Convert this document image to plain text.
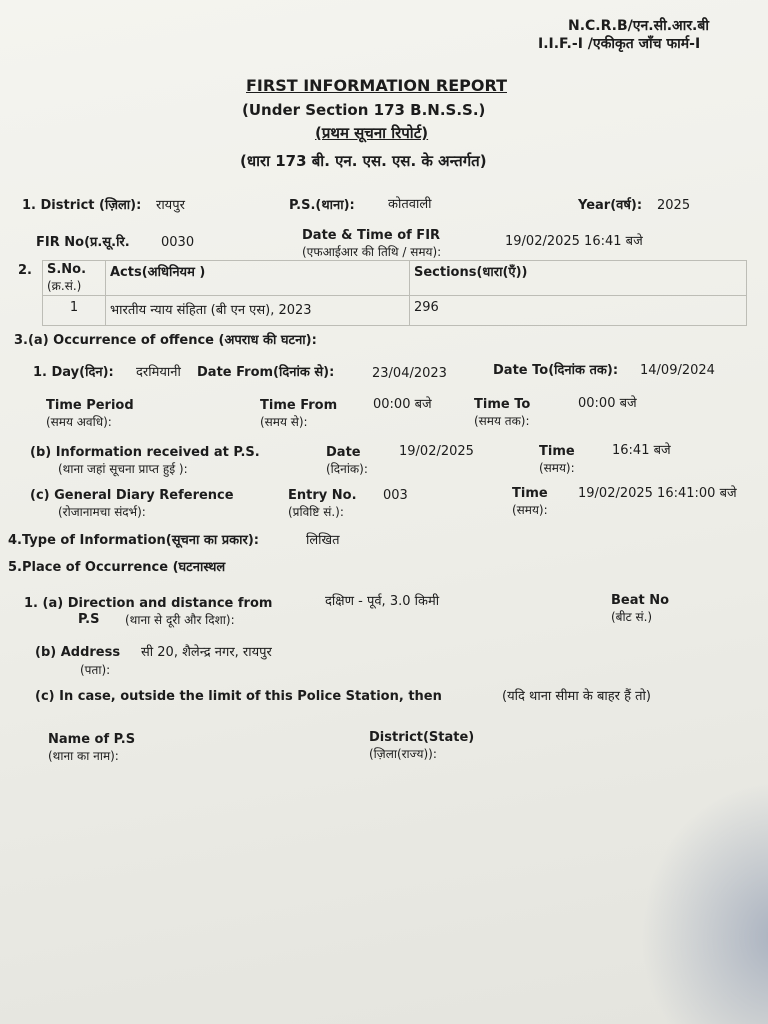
N.C.R.B/एन.सी.आर.बी
I.I.F.-I /एकीकृत जाँच फार्म-I
FIRST INFORMATION REPORT
(Under Section 173 B.N.S.S.)
(प्रथम सूचना रिपोर्ट)
(धारा 173 बी. एन. एस. एस. के अन्तर्गत)
1. District (ज़िला): रायपुर	P.S.(थाना):	कोतवाली	Year(वर्ष): 2025
FIR No(प्र.सू.रि. 0030	Date & Time of FIR
(एफआईआर की तिथि / समय):
19/02/2025 16:41 बजे
2. S.No.
(क्र.सं.)	Acts(अधिनियम )	Sections(धारा(एँ))
1	भारतीय न्याय संहिता (बी एन एस), 2023	296
3.(a) Occurrence of offence (अपराध की घटना):
1. Day(दिन): दरमियानी Date From(दिनांक से):	23/04/2023	Date To(दिनांक तक): 14/09/2024
Time Period
(समय अवधि):
Time From
(समय से):
00:00 बजे	Time To
(समय तक):
00:00 बजे
(b) Information received at P.S.
(थाना जहां सूचना प्राप्त हुई ):
Date
(दिनांक):
19/02/2025	Time
(समय):
16:41 बजे
(c) General Diary Reference
(रोजानामचा संदर्भ):
Entry No.
(प्रविष्टि सं.):
003	Time
(समय):
19/02/2025 16:41:00 बजे
4.Type of Information(सूचना का प्रकार):	लिखित
5.Place of Occurrence (घटनास्थल
1. (a) Direction and distance from
P.S (थाना से दूरी और दिशा):
दक्षिण - पूर्व, 3.0 किमी	Beat No
(बीट सं.)
(b) Address सी 20, शैलेन्द्र नगर, रायपुर
(पता):
(c) In case, outside the limit of this Police Station, then	(यदि थाना सीमा के बाहर हैं तो)
Name of P.S
(थाना का नाम):
District(State)
(ज़िला(राज्य)):
